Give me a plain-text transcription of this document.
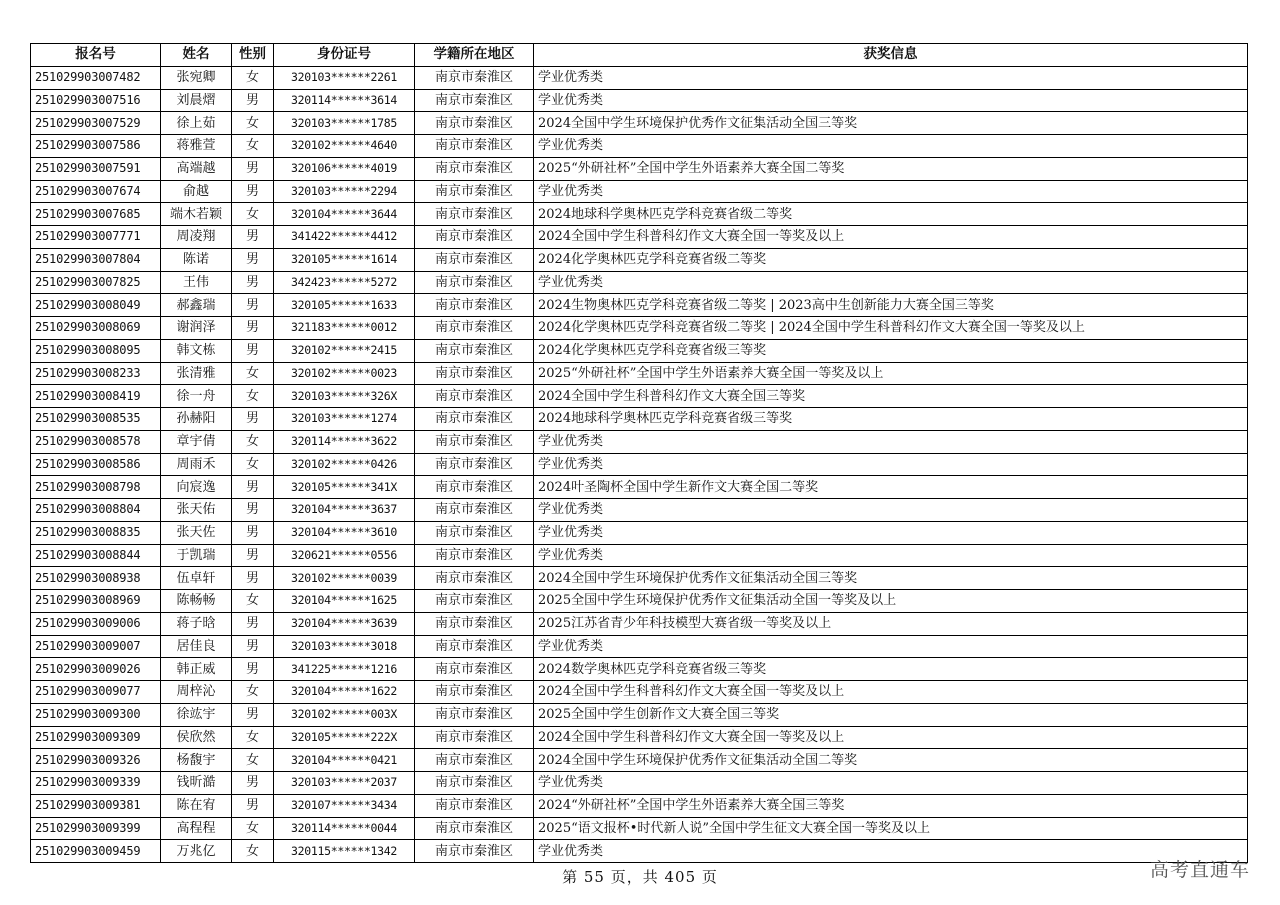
报名号	姓名	性别	身份证号	学籍所在地区	获奖信息
251029903007482	张宛卿	女	320103******2261	南京市秦淮区	学业优秀类
251029903007516	刘晨熠	男	320114******3614	南京市秦淮区	学业优秀类
251029903007529	徐上茹	女	320103******1785	南京市秦淮区	2024全国中学生环境保护优秀作文征集活动全国三等奖
251029903007586	蒋雅萱	女	320102******4640	南京市秦淮区	学业优秀类
251029903007591	高端越	男	320106******4019	南京市秦淮区	2025“外研社杯”全国中学生外语素养大赛全国二等奖
251029903007674	俞越	男	320103******2294	南京市秦淮区	学业优秀类
251029903007685	端木若颖	女	320104******3644	南京市秦淮区	2024地球科学奥林匹克学科竞赛省级二等奖
251029903007771	周凌翔	男	341422******4412	南京市秦淮区	2024全国中学生科普科幻作文大赛全国一等奖及以上
251029903007804	陈诺	男	320105******1614	南京市秦淮区	2024化学奥林匹克学科竞赛省级二等奖
251029903007825	王伟	男	342423******5272	南京市秦淮区	学业优秀类
251029903008049	郝鑫瑞	男	320105******1633	南京市秦淮区	2024生物奥林匹克学科竞赛省级二等奖 | 2023高中生创新能力大赛全国三等奖
251029903008069	谢润泽	男	321183******0012	南京市秦淮区	2024化学奥林匹克学科竞赛省级二等奖 | 2024全国中学生科普科幻作文大赛全国一等奖及以上
251029903008095	韩文栋	男	320102******2415	南京市秦淮区	2024化学奥林匹克学科竞赛省级三等奖
251029903008233	张清雅	女	320102******0023	南京市秦淮区	2025“外研社杯”全国中学生外语素养大赛全国一等奖及以上
251029903008419	徐一舟	女	320103******326X	南京市秦淮区	2024全国中学生科普科幻作文大赛全国三等奖
251029903008535	孙赫阳	男	320103******1274	南京市秦淮区	2024地球科学奥林匹克学科竞赛省级三等奖
251029903008578	章宇倩	女	320114******3622	南京市秦淮区	学业优秀类
251029903008586	周雨禾	女	320102******0426	南京市秦淮区	学业优秀类
251029903008798	向宸逸	男	320105******341X	南京市秦淮区	2024叶圣陶杯全国中学生新作文大赛全国二等奖
251029903008804	张天佑	男	320104******3637	南京市秦淮区	学业优秀类
251029903008835	张天佐	男	320104******3610	南京市秦淮区	学业优秀类
251029903008844	于凯瑞	男	320621******0556	南京市秦淮区	学业优秀类
251029903008938	伍卓轩	男	320102******0039	南京市秦淮区	2024全国中学生环境保护优秀作文征集活动全国三等奖
251029903008969	陈畅畅	女	320104******1625	南京市秦淮区	2025全国中学生环境保护优秀作文征集活动全国一等奖及以上
251029903009006	蒋子晗	男	320104******3639	南京市秦淮区	2025江苏省青少年科技模型大赛省级一等奖及以上
251029903009007	居佳良	男	320103******3018	南京市秦淮区	学业优秀类
251029903009026	韩正威	男	341225******1216	南京市秦淮区	2024数学奥林匹克学科竞赛省级三等奖
251029903009077	周梓沁	女	320104******1622	南京市秦淮区	2024全国中学生科普科幻作文大赛全国一等奖及以上
251029903009300	徐竑宇	男	320102******003X	南京市秦淮区	2025全国中学生创新作文大赛全国三等奖
251029903009309	侯欣然	女	320105******222X	南京市秦淮区	2024全国中学生科普科幻作文大赛全国一等奖及以上
251029903009326	杨馥宇	女	320104******0421	南京市秦淮区	2024全国中学生环境保护优秀作文征集活动全国二等奖
251029903009339	钱昕澔	男	320103******2037	南京市秦淮区	学业优秀类
251029903009381	陈在宥	男	320107******3434	南京市秦淮区	2024“外研社杯”全国中学生外语素养大赛全国三等奖
251029903009399	高程程	女	320114******0044	南京市秦淮区	2025“语文报杯•时代新人说”全国中学生征文大赛全国一等奖及以上
251029903009459	万兆亿	女	320115******1342	南京市秦淮区	学业优秀类
第 55 页，共 405 页	高考直通车
